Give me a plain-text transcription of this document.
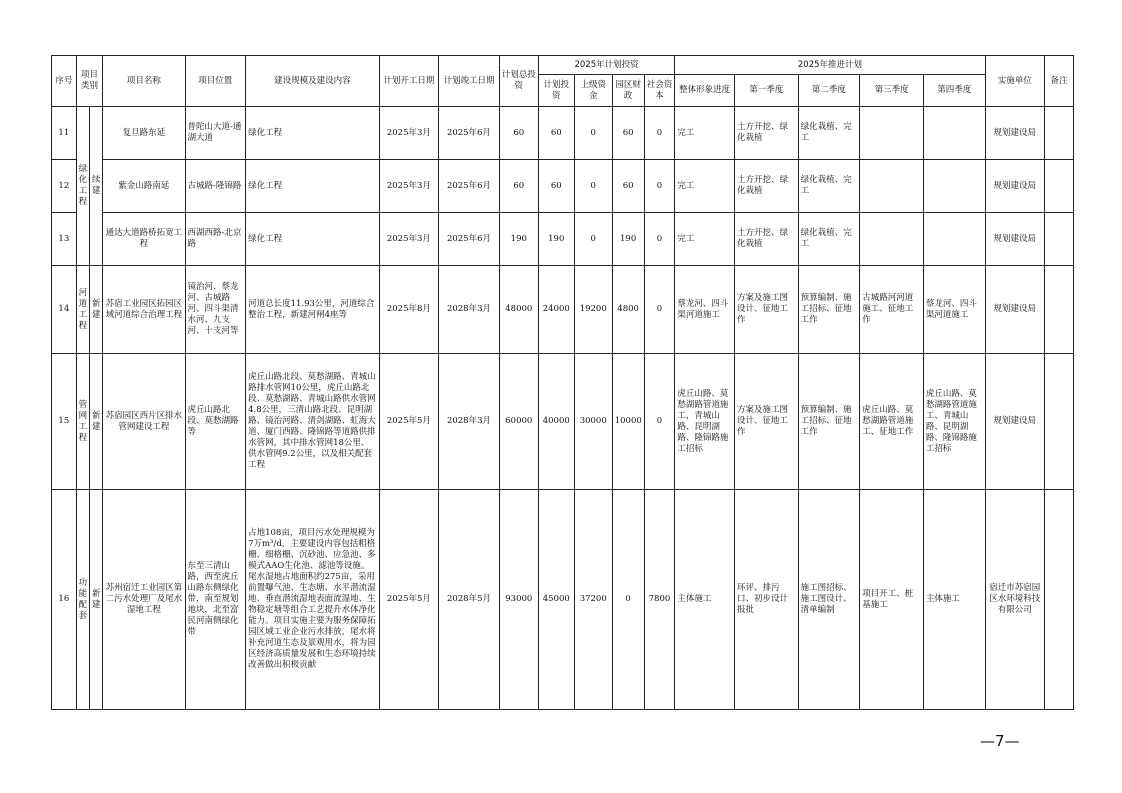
序号	项目类别		项目名称	项目位置	建设规模及建设内容	计划开工日期	计划竣工日期	计划总投资	2025年计划投资				2025年推进计划					实施单位	备注
									计划投资	上级资金	园区财政	社会资本	整体形象进度	第一季度	第二季度	第三季度	第四季度		
11	绿化工程	续建	复旦路东延	普陀山大道-通湖大道	绿化工程	2025年3月	2025年6月	60	60	0	60	0	完工	土方开挖、绿化栽植	绿化栽植、完工			规划建设局	
12			紫金山路南延	古城路-隆锦路	绿化工程	2025年3月	2025年6月	60	60	0	60	0	完工	土方开挖、绿化栽植	绿化栽植、完工			规划建设局	
13			通达大道路桥拓宽工程	西湖西路-北京路	绿化工程	2025年3月	2025年6月	190	190	0	190	0	完工	土方开挖、绿化栽植	绿化栽植、完工			规划建设局	
14	河道工程	新建	苏宿工业园区拓园区域河道综合治理工程	镜治河、蔡龙河、古城路河、四斗渠清水河、九支河、十支河等	河道总长度11.93公里，河道综合整治工程，新建河闸4座等	2025年8月	2028年3月	48000	24000	19200	4800	0	蔡龙河、四斗渠河道施工	方案及施工图设计、征地工作	预算编制、施工招标、征地工作	古城路河河道施工、征地工作	蔡龙河、四斗渠河道施工	规划建设局	
15	管网工程	新建	苏宿园区西片区排水管网建设工程	虎丘山路北段、莫愁湖路等	虎丘山路北段、莫愁湖路、青城山路排水管网10公里，虎丘山路北段、莫愁湖路、青城山路供水管网4.8公里，三清山路北段、昆明湖路、镜治河路、清剑湖路、虹海大道、厦门西路、隆锦路等道路供排水管网，其中排水管网18公里、供水管网9.2公里，以及相关配套工程	2025年5月	2028年3月	60000	40000	30000	10000	0	虎丘山路、莫愁湖路管道施工，青城山路、昆明湖路、隆锦路施工招标	方案及施工图设计、征地工作	预算编制、施工招标、征地工作	虎丘山路、莫愁湖路管道施工、征地工作	虎丘山路、莫愁湖路管道施工、青城山路、昆明湖路、隆锦路施工招标	规划建设局	
16	功能配套	新建	苏州宿迁工业园区第二污水处理厂及尾水湿地工程	东至三清山路，西至虎丘山路东侧绿化带，南至规划地块，北至富民河南侧绿化带	占地108亩，项目污水处理规模为7万m³/d，主要建设内容包括粗格栅、细格栅、沉砂池、应急池、多模式AAO生化池、滤池等设施。尾水湿地占地面积约275亩，采用前置曝气池、生态塘、水平潜流湿地、垂直潜流湿地表面流湿地、生物稳定塘等组合工艺提升水体净化能力。项目实施主要为服务保障拓园区域工业企业污水排放，尾水将补充河道生态及景观用水，将为园区经济高质量发展和生态环境持续改善做出积极贡献	2025年5月	2028年5月	93000	45000	37200	0	7800	主体施工	环评、排污口、初步设计报批	施工图招标、施工图设计、清单编制	项目开工、桩基施工	主体施工	宿迁市苏宿园区水环境科技有限公司	
—7—
